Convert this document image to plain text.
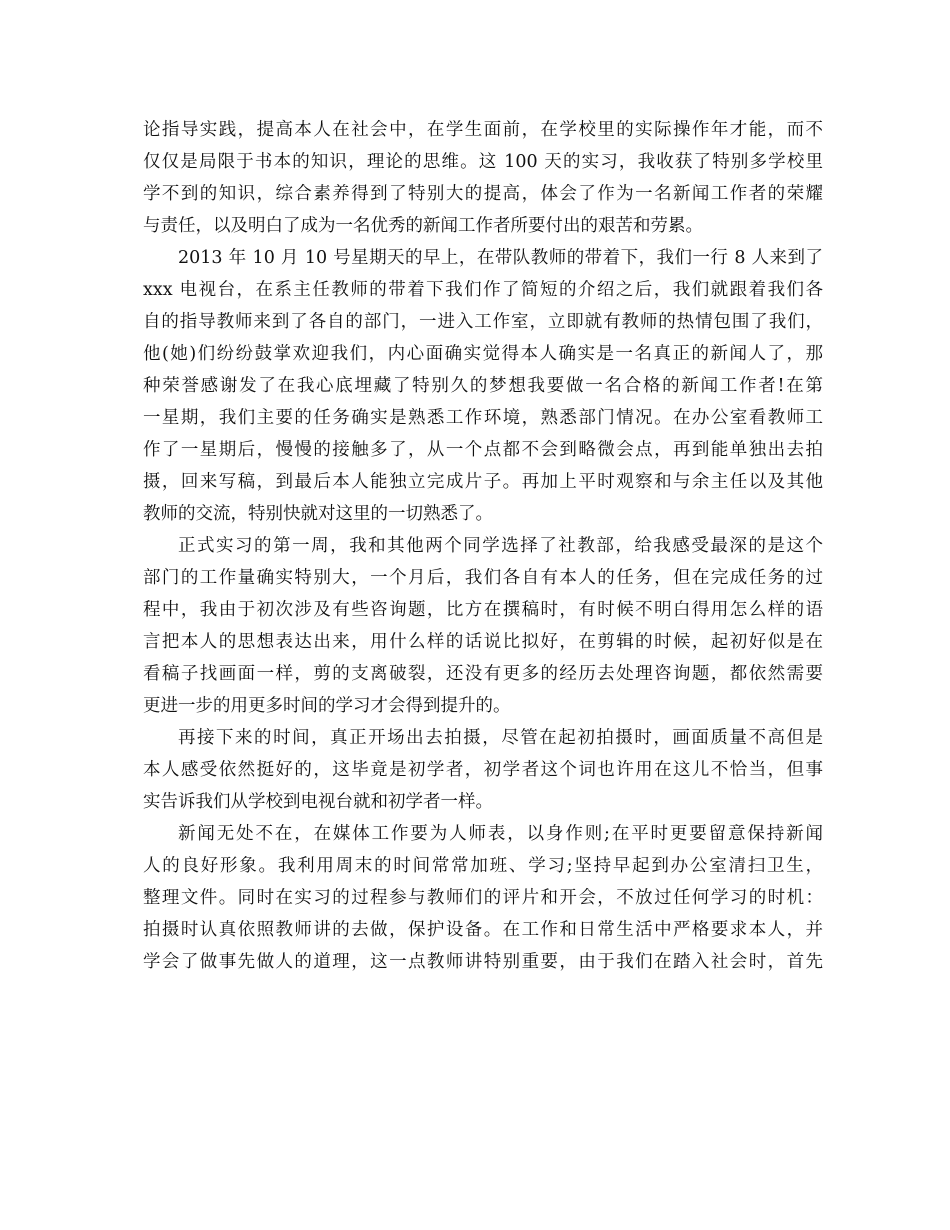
论指导实践，提高本人在社会中，在学生面前，在学校里的实际操作年才能，而不
仅仅是局限于书本的知识，理论的思维。这 100 天的实习，我收获了特别多学校里
学不到的知识，综合素养得到了特别大的提高，体会了作为一名新闻工作者的荣耀
与责任，以及明白了成为一名优秀的新闻工作者所要付出的艰苦和劳累。
2013 年 10 月 10 号星期天的早上，在带队教师的带着下，我们一行 8 人来到了
xxx 电视台，在系主任教师的带着下我们作了简短的介绍之后，我们就跟着我们各
自的指导教师来到了各自的部门，一进入工作室，立即就有教师的热情包围了我们，
他(她)们纷纷鼓掌欢迎我们，内心面确实觉得本人确实是一名真正的新闻人了，那
种荣誉感谢发了在我心底埋藏了特别久的梦想我要做一名合格的新闻工作者!在第
一星期，我们主要的任务确实是熟悉工作环境，熟悉部门情况。在办公室看教师工
作了一星期后，慢慢的接触多了，从一个点都不会到略微会点，再到能单独出去拍
摄，回来写稿，到最后本人能独立完成片子。再加上平时观察和与余主任以及其他
教师的交流，特别快就对这里的一切熟悉了。
正式实习的第一周，我和其他两个同学选择了社教部，给我感受最深的是这个
部门的工作量确实特别大，一个月后，我们各自有本人的任务，但在完成任务的过
程中，我由于初次涉及有些咨询题，比方在撰稿时，有时候不明白得用怎么样的语
言把本人的思想表达出来，用什么样的话说比拟好，在剪辑的时候，起初好似是在
看稿子找画面一样，剪的支离破裂，还没有更多的经历去处理咨询题，都依然需要
更进一步的用更多时间的学习才会得到提升的。
再接下来的时间，真正开场出去拍摄，尽管在起初拍摄时，画面质量不高但是
本人感受依然挺好的，这毕竟是初学者，初学者这个词也许用在这儿不恰当，但事
实告诉我们从学校到电视台就和初学者一样。
新闻无处不在，在媒体工作要为人师表，以身作则;在平时更要留意保持新闻
人的良好形象。我利用周末的时间常常加班、学习;坚持早起到办公室清扫卫生，
整理文件。同时在实习的过程参与教师们的评片和开会，不放过任何学习的时机：
拍摄时认真依照教师讲的去做，保护设备。在工作和日常生活中严格要求本人，并
学会了做事先做人的道理，这一点教师讲特别重要，由于我们在踏入社会时，首先
